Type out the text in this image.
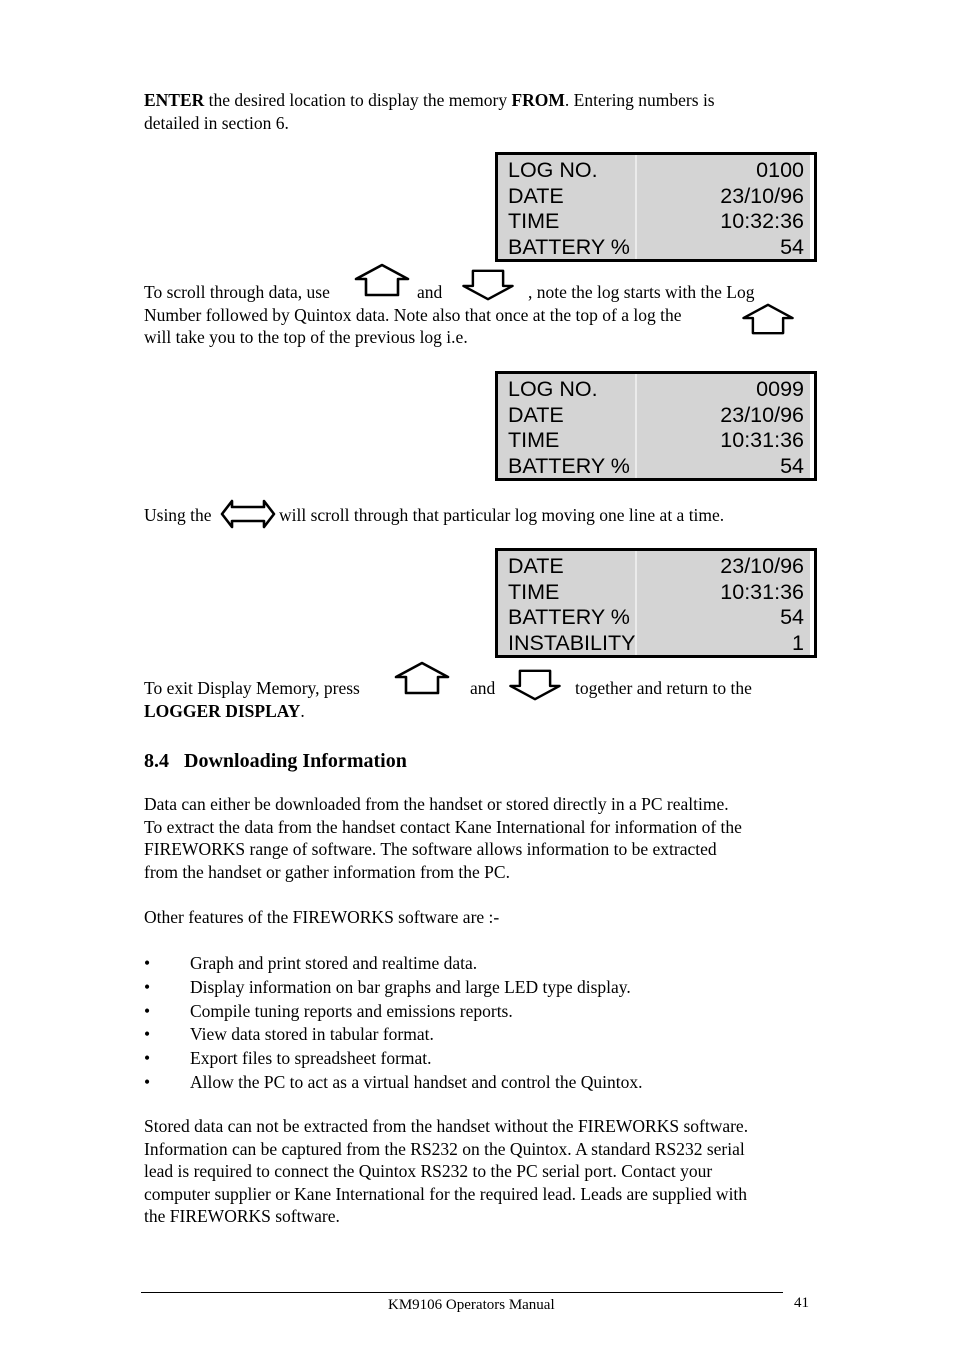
ENTER the desired location to display the memory FROM. Entering numbers is
detailed in section 6.

LOG NO.	0100
DATE	23/10/96
TIME	10:32:36
BATTERY %	54
To scroll through data, use	and	, note the log starts with the Log
Number followed by Quintox data. Note also that once at the top of a log the
will take you to the top of the previous log i.e.
LOG NO.	0099
DATE	23/10/96
TIME	10:31:36
BATTERY %	54
Using the	will scroll through that particular log moving one line at a time.
DATE	23/10/96
TIME	10:31:36
BATTERY %	54
INSTABILITY	1
To exit Display Memory, press	and	together and return to the
LOGGER DISPLAY.
8.4 Downloading Information
Data can either be downloaded from the handset or stored directly in a PC realtime.
To extract the data from the handset contact Kane International for information of the
FIREWORKS range of software. The software allows information to be extracted
from the handset or gather information from the PC.
Other features of the FIREWORKS software are :-
• Graph and print stored and realtime data.
• Display information on bar graphs and large LED type display.
• Compile tuning reports and emissions reports.
• View data stored in tabular format.
• Export files to spreadsheet format.
• Allow the PC to act as a virtual handset and control the Quintox.
Stored data can not be extracted from the handset without the FIREWORKS software.
Information can be captured from the RS232 on the Quintox. A standard RS232 serial
lead is required to connect the Quintox RS232 to the PC serial port. Contact your
computer supplier or Kane International for the required lead. Leads are supplied with
the FIREWORKS software.
KM9106 Operators Manual	41
